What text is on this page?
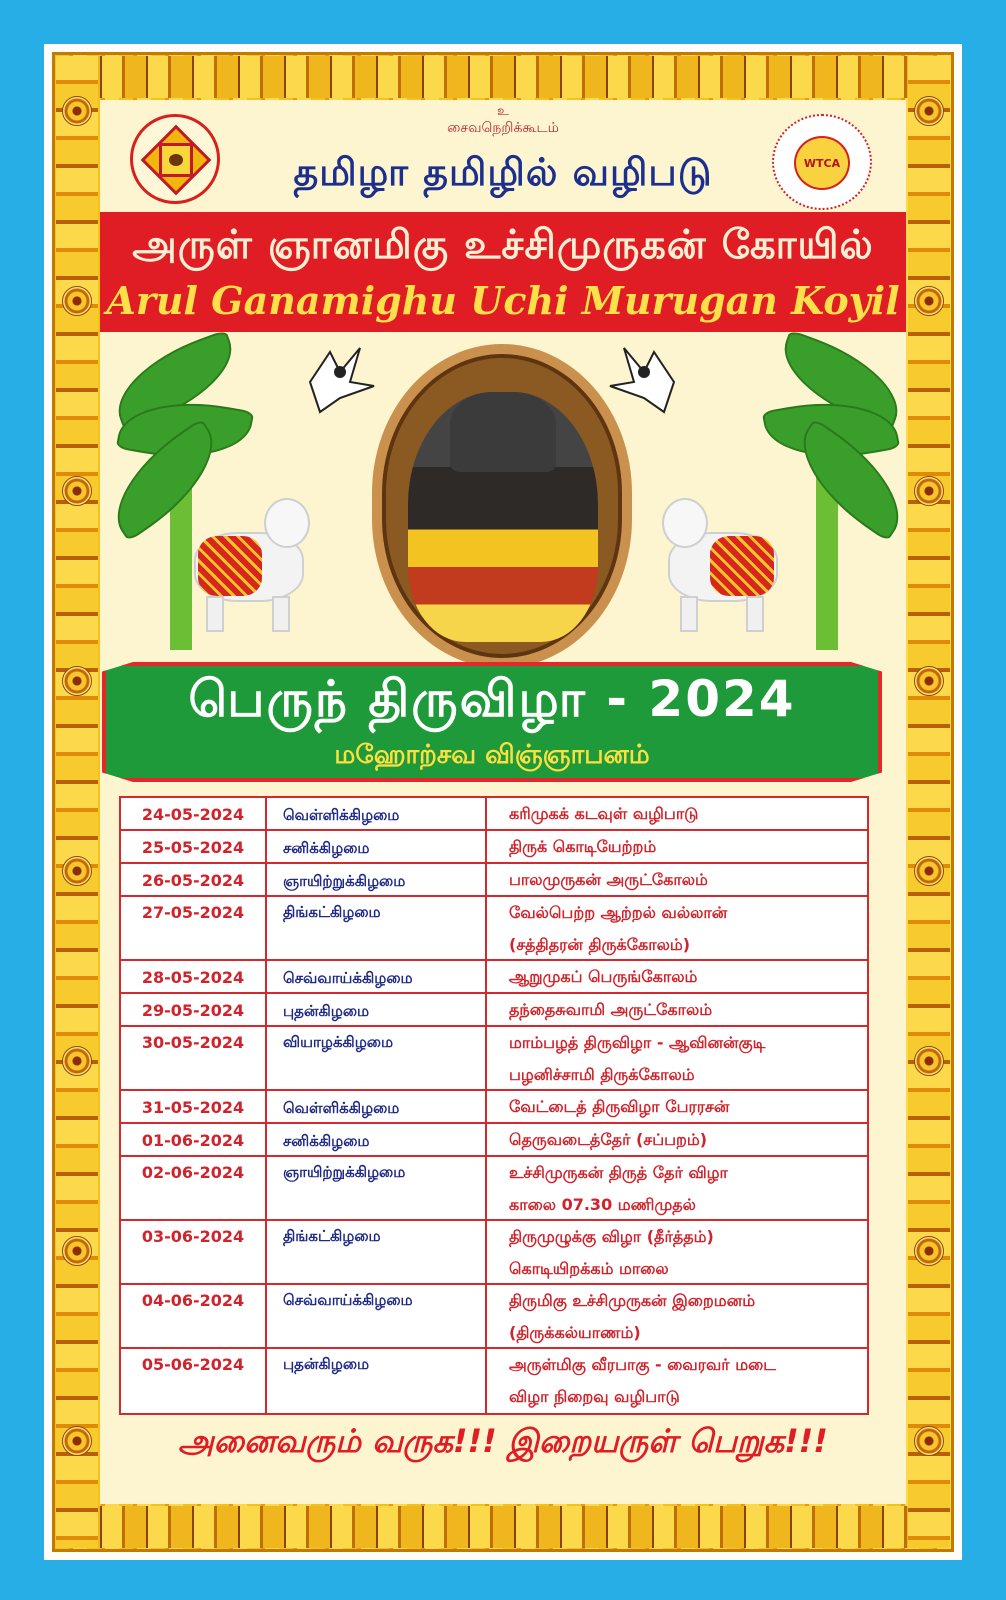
உ
சைவநெறிக்கூடம்
தமிழா தமிழில் வழிபடு	WTCA
அருள் ஞானமிகு உச்சிமுருகன் கோயில்
Arul Ganamighu Uchi Murugan Koyil
பெருந் திருவிழா - 2024
மஹோற்சவ விஞ்ஞாபனம்
24-05-2024	வெள்ளிக்கிழமை	கரிமுகக் கடவுள் வழிபாடு
25-05-2024	சனிக்கிழமை	திருக் கொடியேற்றம்
26-05-2024	ஞாயிற்றுக்கிழமை	பாலமுருகன் அருட்கோலம்
27-05-2024	திங்கட்கிழமை	வேல்பெற்ற ஆற்றல் வல்லான்
(சத்திதரன் திருக்கோலம்)
28-05-2024	செவ்வாய்க்கிழமை	ஆறுமுகப் பெருங்கோலம்
29-05-2024	புதன்கிழமை	தந்தைசுவாமி அருட்கோலம்
30-05-2024	வியாழக்கிழமை	மாம்பழத் திருவிழா - ஆவினன்குடி
பழனிச்சாமி திருக்கோலம்
31-05-2024	வெள்ளிக்கிழமை	வேட்டைத் திருவிழா பேரரசன்
01-06-2024	சனிக்கிழமை	தெருவடைத்தேர் (சப்பறம்)
02-06-2024	ஞாயிற்றுக்கிழமை	உச்சிமுருகன் திருத் தேர் விழா
காலை 07.30 மணிமுதல்
03-06-2024	திங்கட்கிழமை	திருமுழுக்கு விழா (தீர்த்தம்)
கொடியிறக்கம் மாலை
04-06-2024	செவ்வாய்க்கிழமை	திருமிகு உச்சிமுருகன் இறைமனம்
(திருக்கல்யாணம்)
05-06-2024	புதன்கிழமை	அருள்மிகு வீரபாகு - வைரவர் மடை
விழா நிறைவு வழிபாடு
அனைவரும் வருக!!! இறையருள் பெறுக!!!
